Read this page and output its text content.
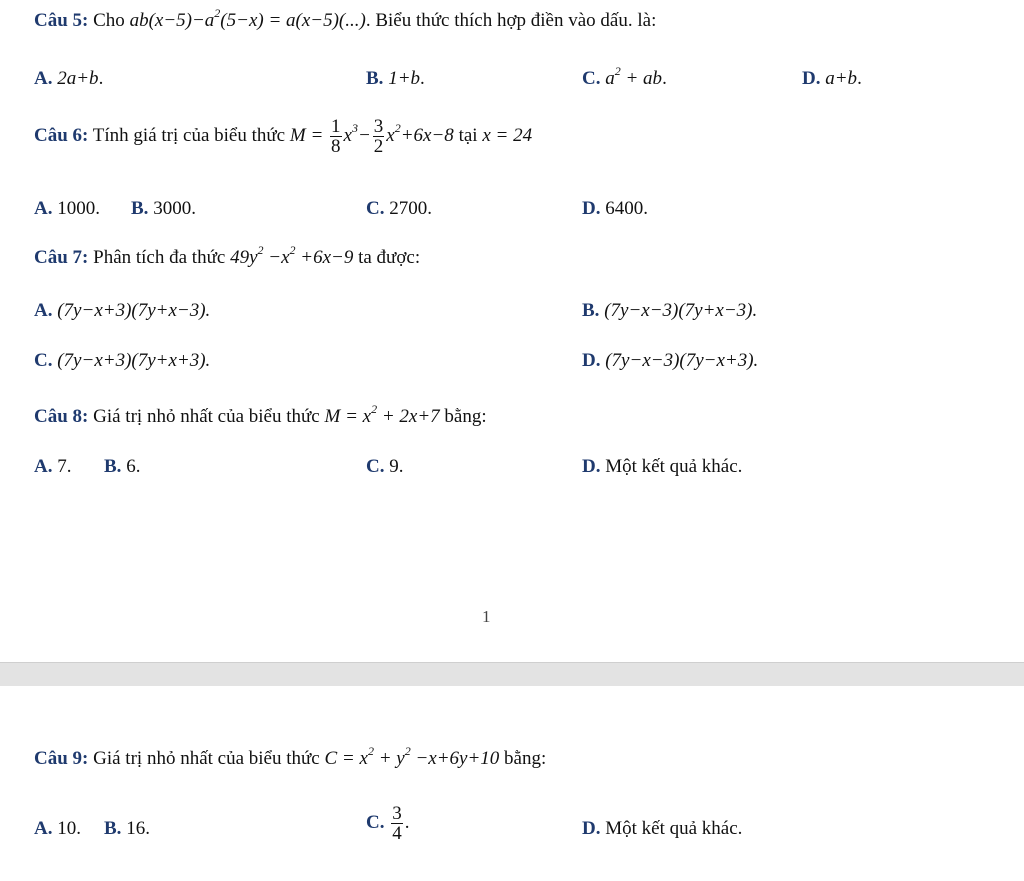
Câu 5: Cho $ab(x-5)-a^2(5-x) = a(x-5)(...)$. Biểu thức thích hợp điền vào dấu. là:
A. 2a+b.	B. 1+b.	C. $a^2$ + ab.	D. a+b.
Câu 6: Tính giá trị của biểu thức $M = \frac{1}{8} x^3- \frac{3}{2} x^2+6x-8$ tại x = 24
A. 1000. B. 3000.	C. 2700.	D. 6400.
Câu 7: Phân tích đa thức $49y^2 -x^2 +6x-9$ ta được:
A. (7y−x+3)(7y+x−3).	B. (7y−x−3)(7y+x−3).
C. (7y−x+3)(7y+x+3).	D. (7y−x−3)(7y−x+3).
Câu 8: Giá trị nhỏ nhất của biểu thức $M = x^2 + 2x+7$ bằng:
A. 7. B. 6.	C. 9.	D. Một kết quả khác.
1
Câu 9: Giá trị nhỏ nhất của biểu thức $C = x^2 + y^2 -x+6y+10$ bằng:
A. 10. B. 16.	C. $\frac{3}{4}$ .	D. Một kết quả khác.
